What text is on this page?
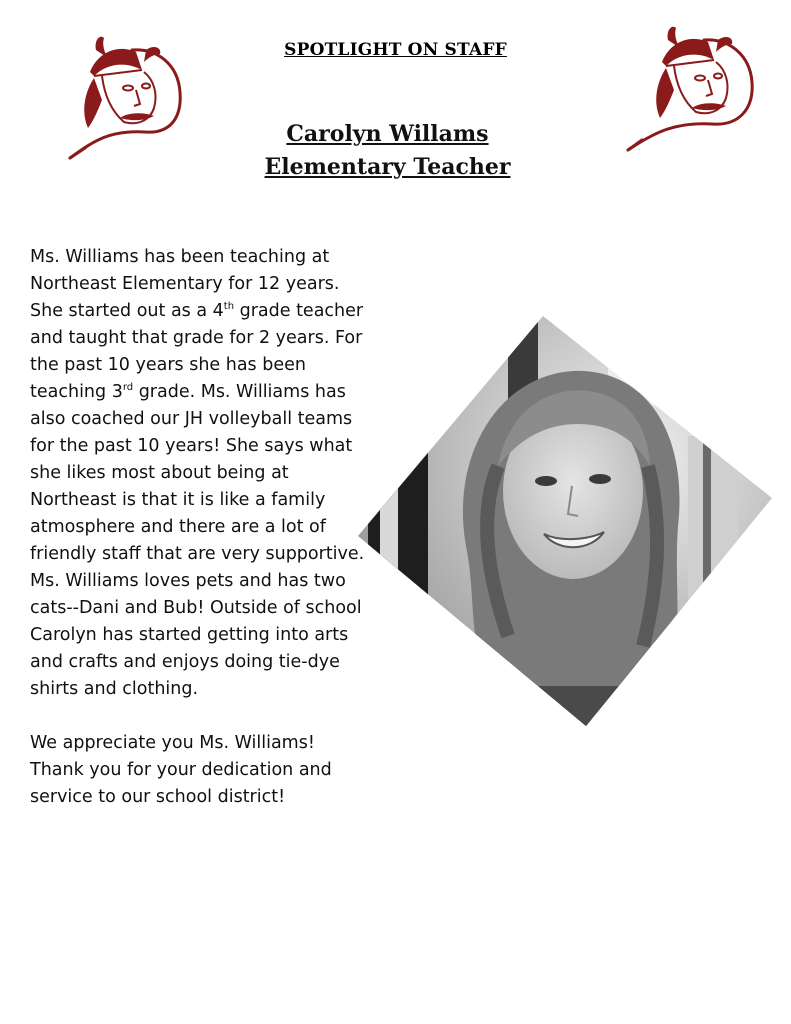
SPOTLIGHT ON STAFF
Carolyn Willams
Elementary Teacher

Ms. Williams has been teaching at Northeast Elementary for 12 years. She started out as a 4th grade teacher and taught that grade for 2 years. For the past 10 years she has been teaching 3rd grade. Ms. Williams has also coached our JH volleyball teams for the past 10 years! She says what she likes most about being at Northeast is that it is like a family atmosphere and there are a lot of friendly staff that are very supportive. Ms. Williams loves pets and has two cats--Dani and Bub! Outside of school Carolyn has started getting into arts and crafts and enjoys doing tie-dye shirts and clothing.

We appreciate you Ms. Williams! Thank you for your dedication and service to our school district!
